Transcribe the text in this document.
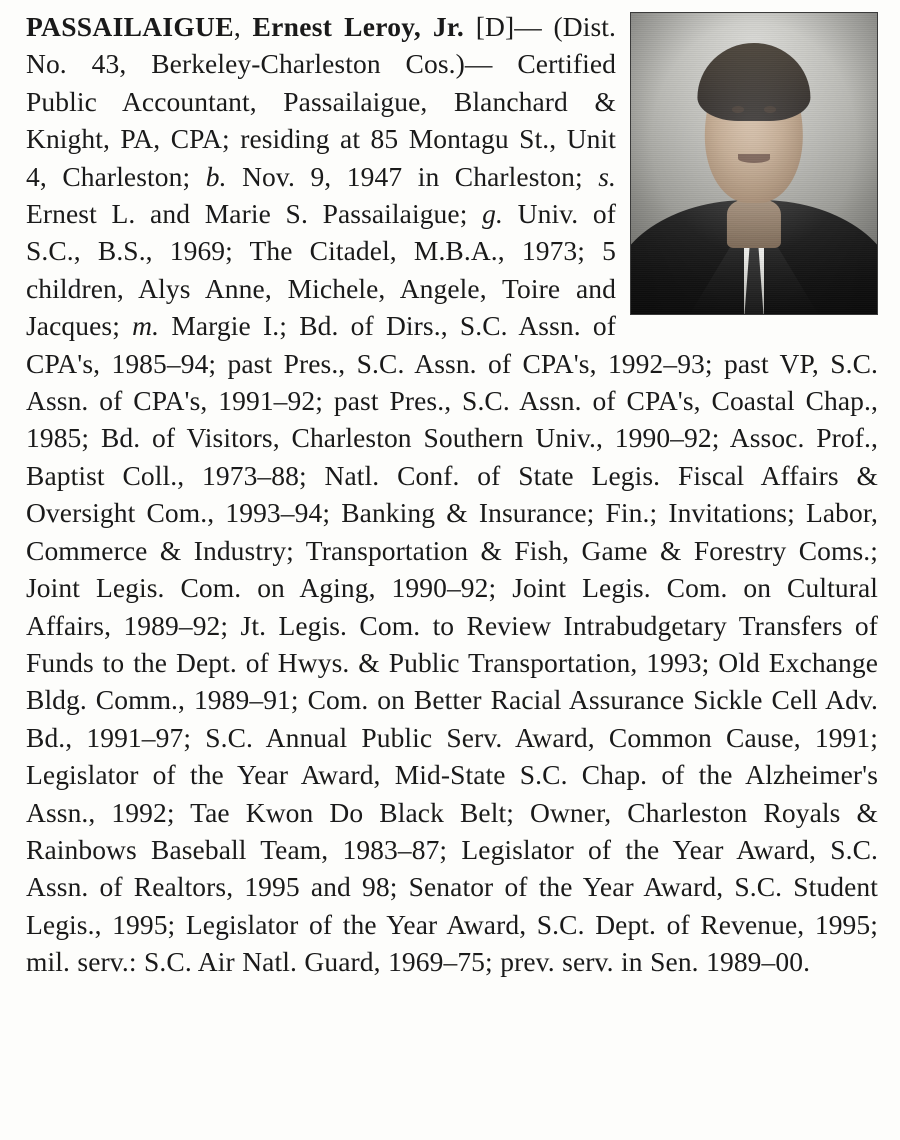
PASSAILAIGUE, Ernest Leroy, Jr. [D]— (Dist. No. 43, Berkeley-Charleston Cos.)— Certified Public Accountant, Passailaigue, Blanchard & Knight, PA, CPA; residing at 85 Montagu St., Unit 4, Charleston; b. Nov. 9, 1947 in Charleston; s. Ernest L. and Marie S. Passailaigue; g. Univ. of S.C., B.S., 1969; The Citadel, M.B.A., 1973; 5 children, Alys Anne, Michele, Angele, Toire and Jacques; m. Margie I.; Bd. of Dirs., S.C. Assn. of CPA's, 1985–94; past Pres., S.C. Assn. of CPA's, 1992–93; past VP, S.C. Assn. of CPA's, 1991–92; past Pres., S.C. Assn. of CPA's, Coastal Chap., 1985; Bd. of Visitors, Charleston Southern Univ., 1990–92; Assoc. Prof., Baptist Coll., 1973–88; Natl. Conf. of State Legis. Fiscal Affairs & Oversight Com., 1993–94; Banking & Insurance; Fin.; Invitations; Labor, Commerce & Industry; Transportation & Fish, Game & Forestry Coms.; Joint Legis. Com. on Aging, 1990–92; Joint Legis. Com. on Cultural Affairs, 1989–92; Jt. Legis. Com. to Review Intrabudgetary Transfers of Funds to the Dept. of Hwys. & Public Transportation, 1993; Old Exchange Bldg. Comm., 1989–91; Com. on Better Racial Assurance Sickle Cell Adv. Bd., 1991–97; S.C. Annual Public Serv. Award, Common Cause, 1991; Legislator of the Year Award, Mid-State S.C. Chap. of the Alzheimer's Assn., 1992; Tae Kwon Do Black Belt; Owner, Charleston Royals & Rainbows Baseball Team, 1983–87; Legislator of the Year Award, S.C. Assn. of Realtors, 1995 and 98; Senator of the Year Award, S.C. Student Legis., 1995; Legislator of the Year Award, S.C. Dept. of Revenue, 1995; mil. serv.: S.C. Air Natl. Guard, 1969–75; prev. serv. in Sen. 1989–00.
